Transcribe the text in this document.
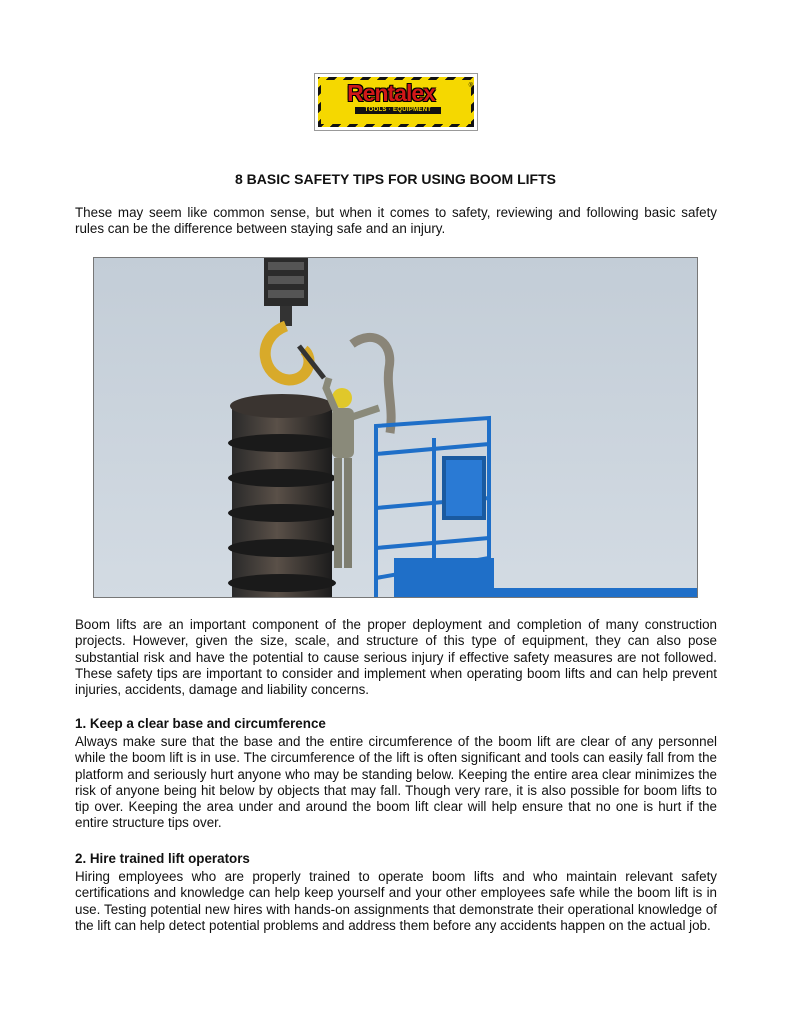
Rentalex	®
TOOLS · EQUIPMENT
8 BASIC SAFETY TIPS FOR USING BOOM LIFTS
These may seem like common sense, but when it comes to safety, reviewing and following basic safety rules can be the difference between staying safe and an injury.
Boom lifts are an important component of the proper deployment and completion of many construction projects. However, given the size, scale, and structure of this type of equipment, they can also pose substantial risk and have the potential to cause serious injury if effective safety measures are not followed. These safety tips are important to consider and implement when operating boom lifts and can help prevent injuries, accidents, damage and liability concerns.
1. Keep a clear base and circumference
Always make sure that the base and the entire circumference of the boom lift are clear of any personnel while the boom lift is in use. The circumference of the lift is often significant and tools can easily fall from the platform and seriously hurt anyone who may be standing below. Keeping the entire area clear minimizes the risk of anyone being hit below by objects that may fall. Though very rare, it is also possible for boom lifts to tip over. Keeping the area under and around the boom lift clear will help ensure that no one is hurt if the entire structure tips over.
2. Hire trained lift operators
Hiring employees who are properly trained to operate boom lifts and who maintain relevant safety certifications and knowledge can help keep yourself and your other employees safe while the boom lift is in use. Testing potential new hires with hands-on assignments that demonstrate their operational knowledge of the lift can help detect potential problems and address them before any accidents happen on the actual job.
